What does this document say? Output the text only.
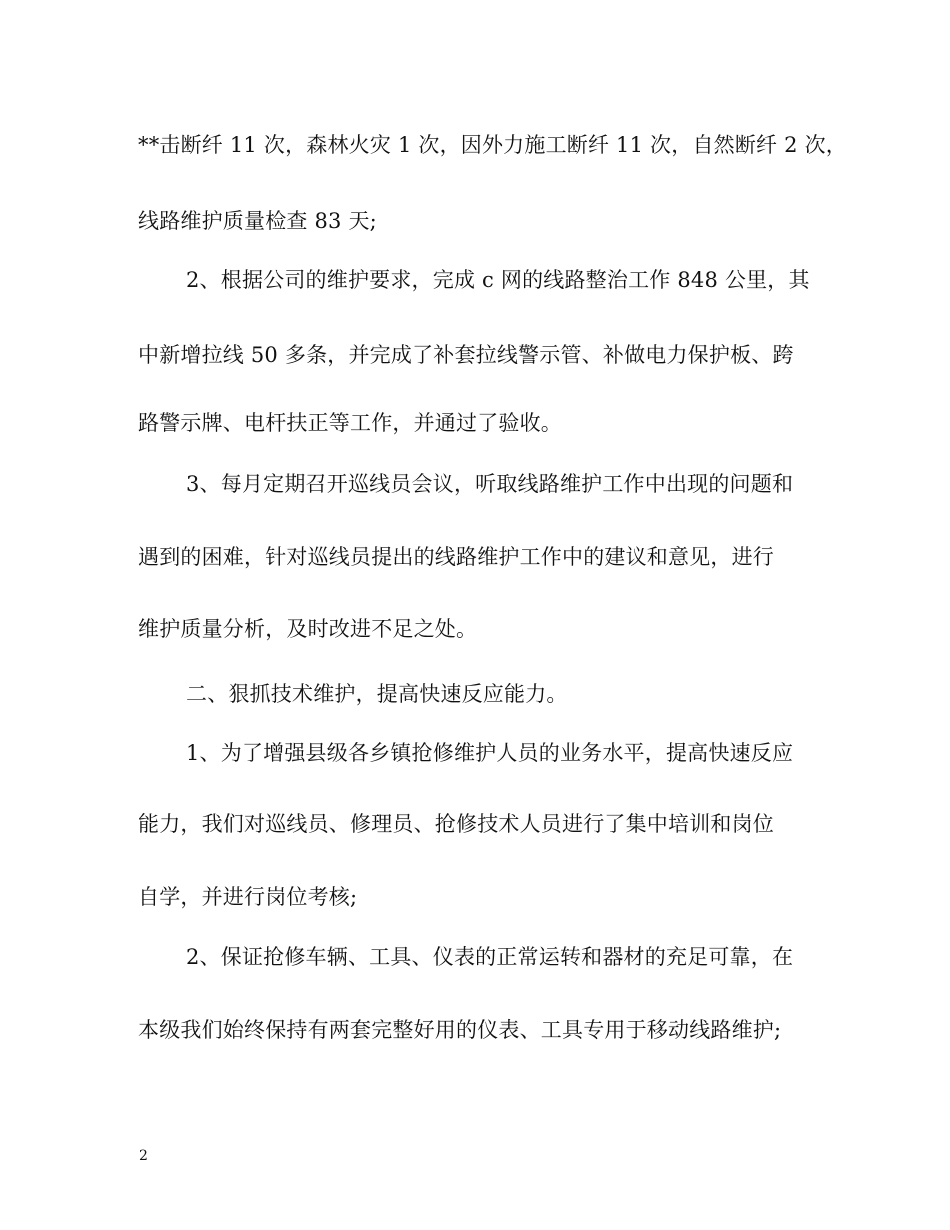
**击断纤 11 次，森林火灾 1 次，因外力施工断纤 11 次，自然断纤 2 次，
线路维护质量检查 83 天;
2、根据公司的维护要求，完成 c 网的线路整治工作 848 公里，其
中新增拉线 50 多条，并完成了补套拉线警示管、补做电力保护板、跨
路警示牌、电杆扶正等工作，并通过了验收。
3、每月定期召开巡线员会议，听取线路维护工作中出现的问题和
遇到的困难，针对巡线员提出的线路维护工作中的建议和意见，进行
维护质量分析，及时改进不足之处。
二、狠抓技术维护，提高快速反应能力。
1、为了增强县级各乡镇抢修维护人员的业务水平，提高快速反应
能力，我们对巡线员、修理员、抢修技术人员进行了集中培训和岗位
自学，并进行岗位考核;
2、保证抢修车辆、工具、仪表的正常运转和器材的充足可靠，在
本级我们始终保持有两套完整好用的仪表、工具专用于移动线路维护;
2
